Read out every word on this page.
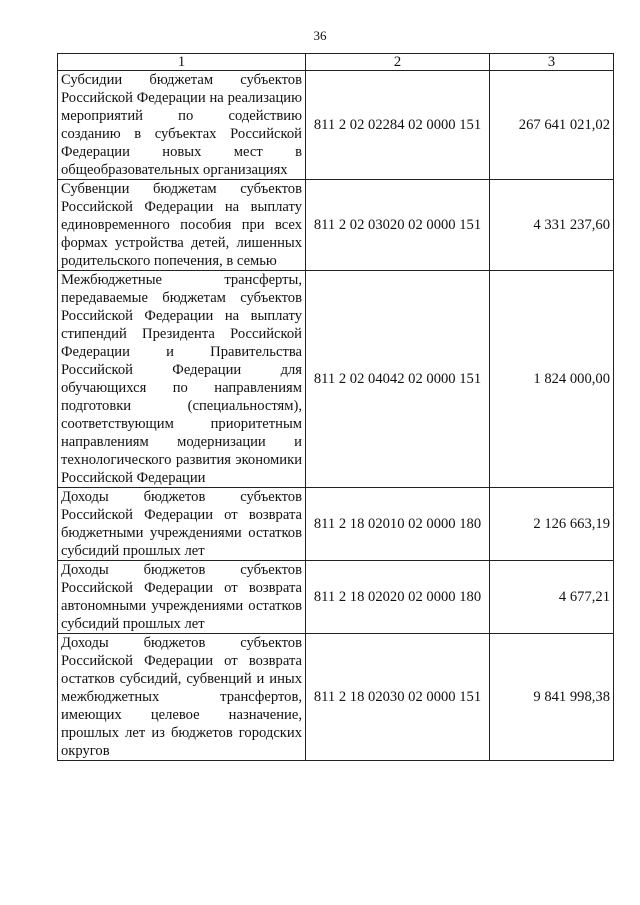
36
1	2	3
Субсидии бюджетам субъектов Российской Федерации на реализацию мероприятий по содействию созданию в субъектах Российской Федерации новых мест в общеобразовательных организациях	811 2 02 02284 02 0000 151	267 641 021,02
Субвенции бюджетам субъектов Российской Федерации на выплату единовременного пособия при всех формах устройства детей, лишенных родительского попечения, в семью	811 2 02 03020 02 0000 151	4 331 237,60
Межбюджетные трансферты, передаваемые бюджетам субъектов Российской Федерации на выплату стипендий Президента Российской Федерации и Правительства Российской Федерации для обучающихся по направлениям подготовки (специальностям), соответствующим приоритетным направлениям модернизации и технологического развития экономики Российской Федерации	811 2 02 04042 02 0000 151	1 824 000,00
Доходы бюджетов субъектов Российской Федерации от возврата бюджетными учреждениями остатков субсидий прошлых лет	811 2 18 02010 02 0000 180	2 126 663,19
Доходы бюджетов субъектов Российской Федерации от возврата автономными учреждениями остатков субсидий прошлых лет	811 2 18 02020 02 0000 180	4 677,21
Доходы бюджетов субъектов Российской Федерации от возврата остатков субсидий, субвенций и иных межбюджетных трансфертов, имеющих целевое назначение, прошлых лет из бюджетов городских округов	811 2 18 02030 02 0000 151	9 841 998,38
